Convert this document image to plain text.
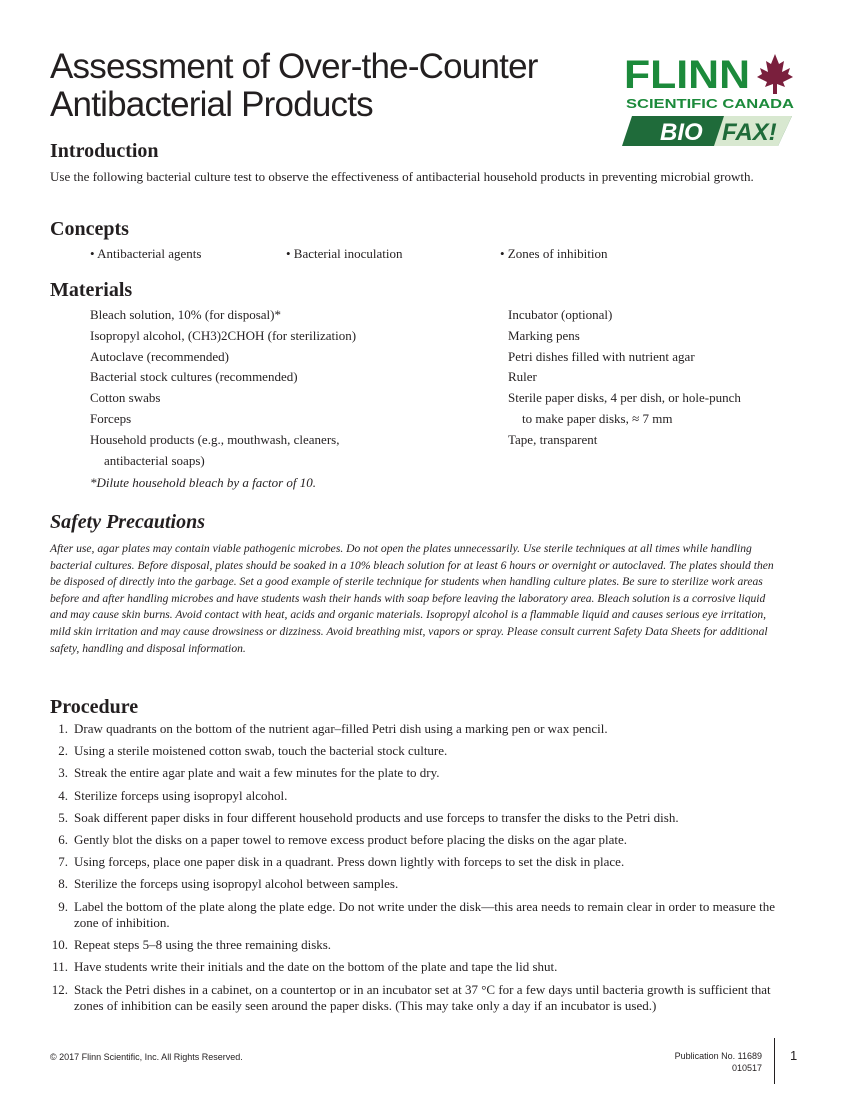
Assessment of Over-the-Counter
Antibacterial Products
FLINN
SCIENTIFIC CANADA
BIO FAX!
Introduction

Use the following bacterial culture test to observe the effectiveness of antibacterial household products in preventing microbial growth.

Concepts
• Antibacterial agents	• Bacterial inoculation	• Zones of inhibition
Materials
Bleach solution, 10% (for disposal)*
Isopropyl alcohol, (CH3)2CHOH (for sterilization)
Autoclave (recommended)
Bacterial stock cultures (recommended)
Cotton swabs
Forceps
Household products (e.g., mouthwash, cleaners,
antibacterial soaps)
Incubator (optional)
Marking pens
Petri dishes filled with nutrient agar
Ruler
Sterile paper disks, 4 per dish, or hole-punch
to make paper disks, ≈ 7 mm
Tape, transparent

*Dilute household bleach by a factor of 10.

Safety Precautions

After use, agar plates may contain viable pathogenic microbes. Do not open the plates unnecessarily. Use sterile techniques at all times while handling bacterial cultures. Before disposal, plates should be soaked in a 10% bleach solution for at least 6 hours or overnight or autoclaved. The plates should then be disposed of directly into the garbage. Set a good example of sterile technique for students when handling culture plates. Be sure to sterilize work areas before and after handling microbes and have students wash their hands with soap before leaving the laboratory area. Bleach solution is a corrosive liquid and may cause skin burns. Avoid contact with heat, acids and organic materials. Isopropyl alcohol is a flammable liquid and causes serious eye irritation, mild skin irritation and may cause drowsiness or dizziness. Avoid breathing mist, vapors or spray. Please consult current Safety Data Sheets for additional safety, handling and disposal information.

Procedure
1. Draw quadrants on the bottom of the nutrient agar–filled Petri dish using a marking pen or wax pencil.
2. Using a sterile moistened cotton swab, touch the bacterial stock culture.
3. Streak the entire agar plate and wait a few minutes for the plate to dry.
4. Sterilize forceps using isopropyl alcohol.
5. Soak different paper disks in four different household products and use forceps to transfer the disks to the Petri dish.
6. Gently blot the disks on a paper towel to remove excess product before placing the disks on the agar plate.
7. Using forceps, place one paper disk in a quadrant. Press down lightly with forceps to set the disk in place.
8. Sterilize the forceps using isopropyl alcohol between samples.
9. Label the bottom of the plate along the plate edge. Do not write under the disk—this area needs to remain clear in order to measure the zone of inhibition.
10. Repeat steps 5–8 using the three remaining disks.
11. Have students write their initials and the date on the bottom of the plate and tape the lid shut.
12. Stack the Petri dishes in a cabinet, on a countertop or in an incubator set at 37 °C for a few days until bacteria growth is sufficient that zones of inhibition can be easily seen around the paper disks. (This may take only a day if an incubator is used.)
© 2017 Flinn Scientific, Inc. All Rights Reserved.	Publication No. 11689
010517
1
